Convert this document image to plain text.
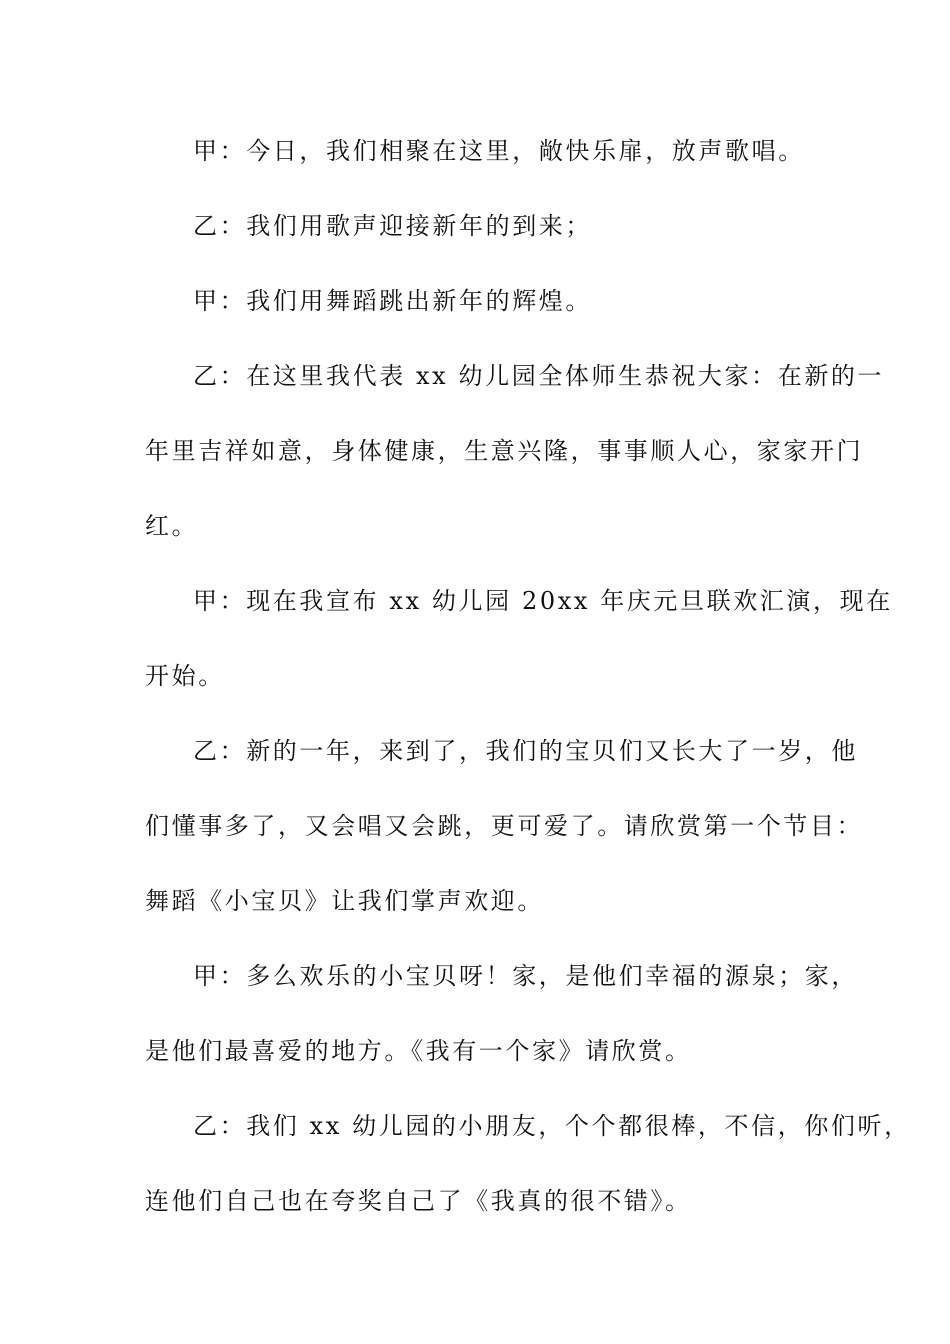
甲：今日，我们相聚在这里，敞快乐扉，放声歌唱。
乙：我们用歌声迎接新年的到来；
甲：我们用舞蹈跳出新年的辉煌。
乙：在这里我代表 xx 幼儿园全体师生恭祝大家：在新的一
年里吉祥如意，身体健康，生意兴隆，事事顺人心，家家开门
红。
甲：现在我宣布 xx 幼儿园 20xx 年庆元旦联欢汇演，现在
开始。
乙：新的一年，来到了，我们的宝贝们又长大了一岁，他
们懂事多了，又会唱又会跳，更可爱了。请欣赏第一个节目：
舞蹈《小宝贝》让我们掌声欢迎。
甲：多么欢乐的小宝贝呀！家，是他们幸福的源泉；家，
是他们最喜爱的地方。《我有一个家》请欣赏。
乙：我们 xx 幼儿园的小朋友，个个都很棒，不信，你们听，
连他们自己也在夸奖自己了《我真的很不错》。
